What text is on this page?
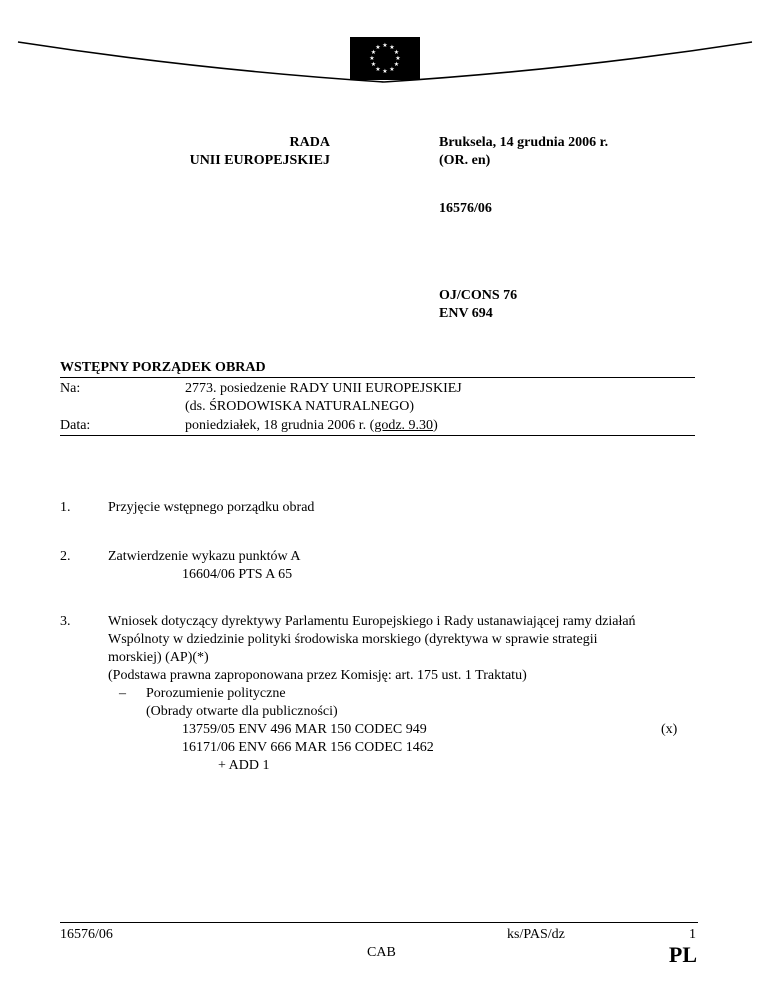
★ ★
★
★
★
★
★
★
★
★
★
★
RADA
UNII EUROPEJSKIEJ
Bruksela, 14 grudnia 2006 r.
(OR. en)
16576/06
OJ/CONS 76
ENV 694
WSTĘPNY PORZĄDEK OBRAD
Na:	2773. posiedzenie RADY UNII EUROPEJSKIEJ
(ds. ŚRODOWISKA NATURALNEGO)
Data:	poniedziałek, 18 grudnia 2006 r. (godz. 9.30)
1.	Przyjęcie wstępnego porządku obrad
2.	Zatwierdzenie wykazu punktów A
16604/06 PTS A 65
3.	Wniosek dotyczący dyrektywy Parlamentu Europejskiego i Rady ustanawiającej ramy działań
Wspólnoty w dziedzinie polityki środowiska morskiego (dyrektywa w sprawie strategii
morskiej) (AP)(*)
(Podstawa prawna zaproponowana przez Komisję: art. 175 ust. 1 Traktatu)
– Porozumienie polityczne
(Obrady otwarte dla publiczności)
13759/05 ENV 496 MAR 150 CODEC 949	(x)
16171/06 ENV 666 MAR 156 CODEC 1462
+ ADD 1
16576/06	ks/PAS/dz	1
CAB	PL
